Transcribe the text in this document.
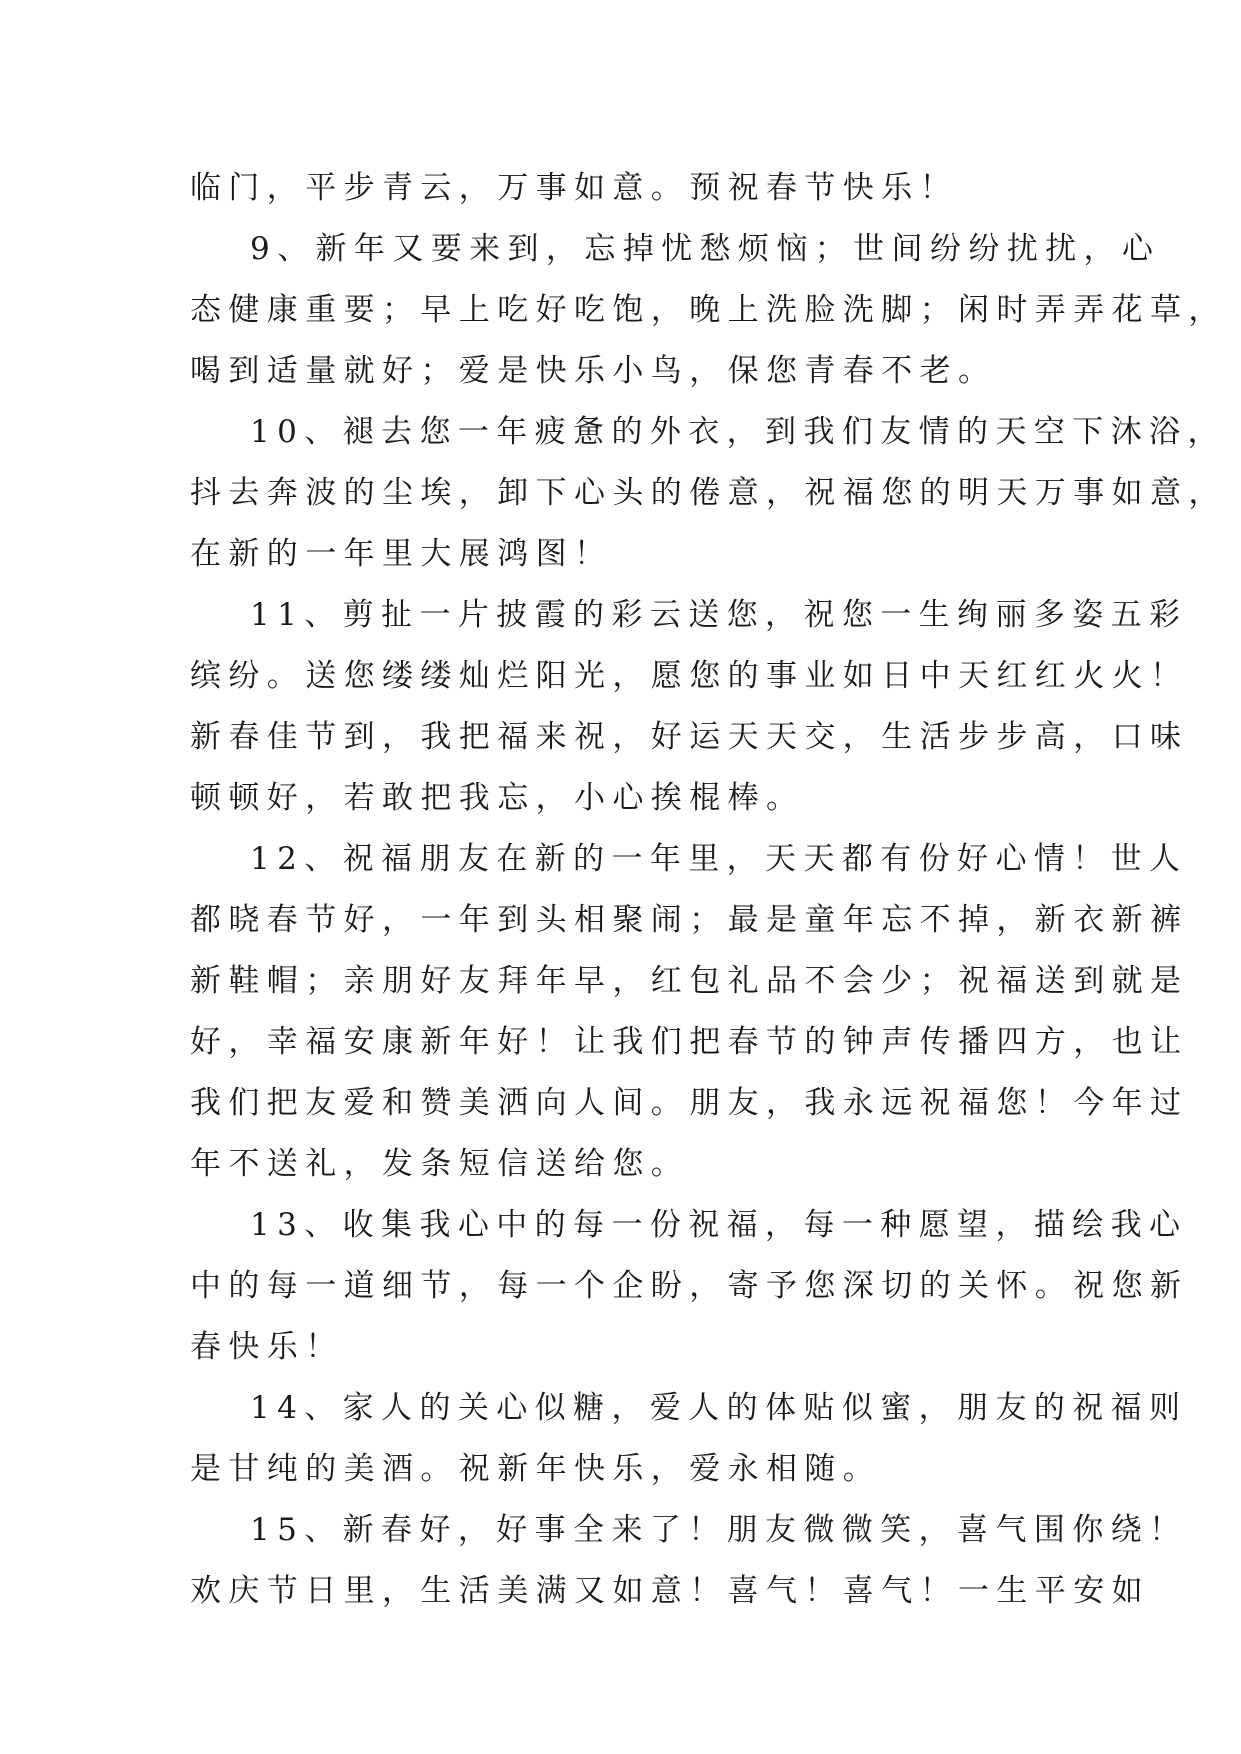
临门，平步青云，万事如意。预祝春节快乐！
9、新年又要来到，忘掉忧愁烦恼；世间纷纷扰扰，心
态健康重要；早上吃好吃饱，晚上洗脸洗脚；闲时弄弄花草，
喝到适量就好；爱是快乐小鸟，保您青春不老。
10、褪去您一年疲惫的外衣，到我们友情的天空下沐浴，
抖去奔波的尘埃，卸下心头的倦意，祝福您的明天万事如意，
在新的一年里大展鸿图！
11、剪扯一片披霞的彩云送您，祝您一生绚丽多姿五彩
缤纷。送您缕缕灿烂阳光，愿您的事业如日中天红红火火！
新春佳节到，我把福来祝，好运天天交，生活步步高，口味
顿顿好，若敢把我忘，小心挨棍棒。
12、祝福朋友在新的一年里，天天都有份好心情！世人
都晓春节好，一年到头相聚闹；最是童年忘不掉，新衣新裤
新鞋帽；亲朋好友拜年早，红包礼品不会少；祝福送到就是
好，幸福安康新年好！让我们把春节的钟声传播四方，也让
我们把友爱和赞美洒向人间。朋友，我永远祝福您！今年过
年不送礼，发条短信送给您。
13、收集我心中的每一份祝福，每一种愿望，描绘我心
中的每一道细节，每一个企盼，寄予您深切的关怀。祝您新
春快乐！
14、家人的关心似糖，爱人的体贴似蜜，朋友的祝福则
是甘纯的美酒。祝新年快乐，爱永相随。
15、新春好，好事全来了！朋友微微笑，喜气围你绕！
欢庆节日里，生活美满又如意！喜气！喜气！一生平安如
